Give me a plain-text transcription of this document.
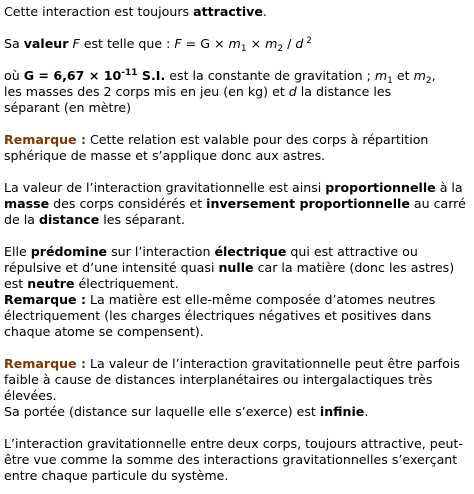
Cette interaction est toujours attractive.

Sa valeur F est telle que : $F = G \times m_1 \times m_2 / d$ $^2$

où $G = 6,67 \times 10^{-11}$ S.I. est la constante de gravitation ; $m_1$ et $m_2$,
les masses des 2 corps mis en jeu (en kg) et d la distance les
séparant (en mètre)

Remarque : Cette relation est valable pour des corps à répartition sphérique de masse et s’applique donc aux astres.

La valeur de l’interaction gravitationnelle est ainsi proportionnelle à la masse des corps considérés et inversement proportionnelle au carré de la distance les séparant.

Elle prédomine sur l’interaction électrique qui est attractive ou répulsive et d’une intensité quasi nulle car la matière (donc les astres) est neutre électriquement.

Remarque : La matière est elle-même composée d’atomes neutres électriquement (les charges électriques négatives et positives dans chaque atome se compensent).

Remarque : La valeur de l’interaction gravitationnelle peut être parfois faible à cause de distances interplanétaires ou intergalactiques très élevées.

Sa portée (distance sur laquelle elle s’exerce) est infinie.

L’interaction gravitationnelle entre deux corps, toujours attractive, peut-être vue comme la somme des interactions gravitationnelles s’exerçant entre chaque particule du système.
